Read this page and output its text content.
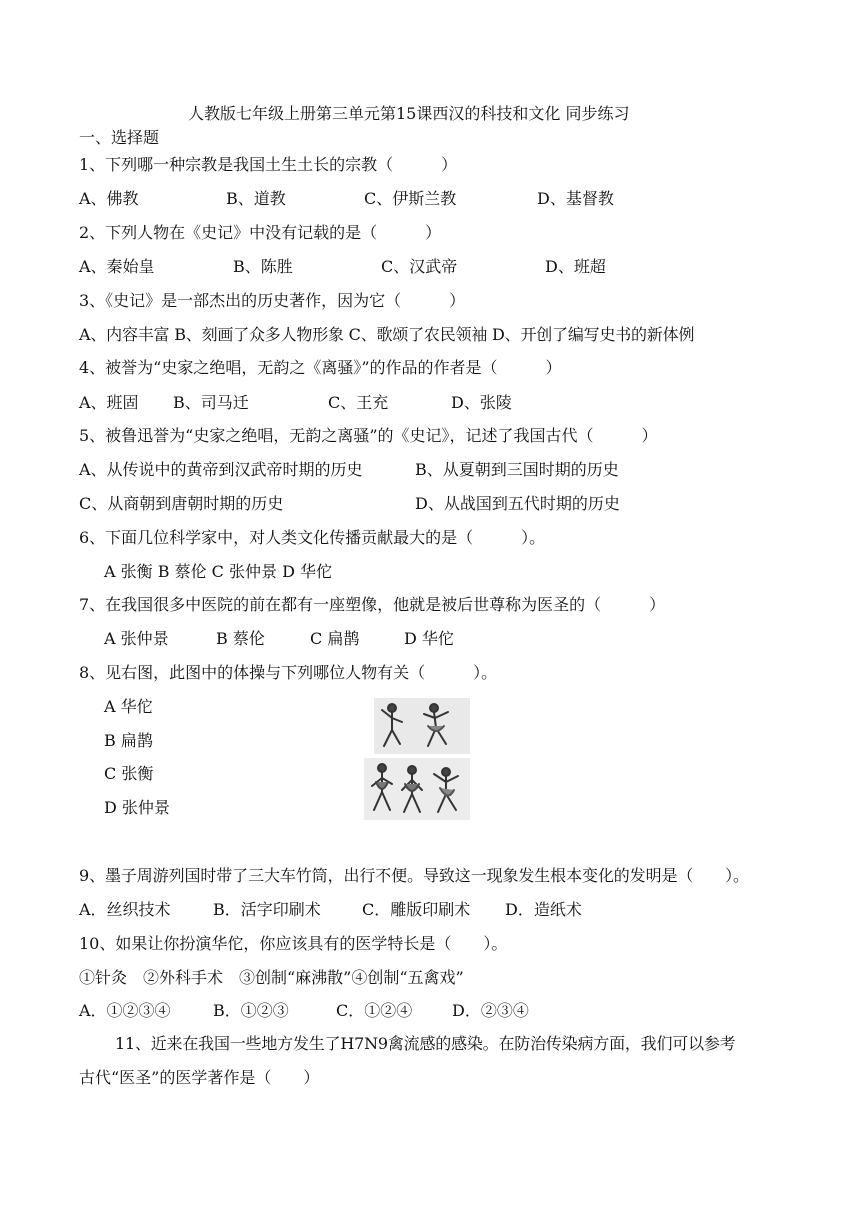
人教版七年级上册第三单元第15课西汉的科技和文化 同步练习
一、选择题
1、下列哪一种宗教是我国土生土长的宗教（　　　）
A、佛教	B、道教	C、伊斯兰教	D、基督教
2、下列人物在《史记》中没有记载的是（　　　）
A、秦始皇	B、陈胜	C、汉武帝	D、班超
3、《史记》是一部杰出的历史著作，因为它（　　　）
A、内容丰富 B、刻画了众多人物形象 C、歌颂了农民领袖 D、开创了编写史书的新体例
4、被誉为“史家之绝唱，无韵之《离骚》”的作品的作者是（　　　）
A、班固 B、司马迁	C、王充	D、张陵
5、被鲁迅誉为“史家之绝唱，无韵之离骚”的《史记》，记述了我国古代（　　　）
A、从传说中的黄帝到汉武帝时期的历史	B、从夏朝到三国时期的历史
C、从商朝到唐朝时期的历史	D、从战国到五代时期的历史
6、下面几位科学家中，对人类文化传播贡献最大的是（　　　）。
A 张衡 B 蔡伦 C 张仲景 D 华佗
7、在我国很多中医院的前在都有一座塑像，他就是被后世尊称为医圣的（　　　）
A 张仲景	B 蔡伦	C 扁鹊	D 华佗
8、见右图，此图中的体操与下列哪位人物有关（　　　）。
A 华佗
B 扁鹊
C 张衡
D 张仲景
9、墨子周游列国时带了三大车竹筒，出行不便。导致这一现象发生根本变化的发明是（　　）。
A．丝织技术	B．活字印刷术	C．雕版印刷术 D．造纸术
10、如果让你扮演华佗，你应该具有的医学特长是（　　）。
①针灸　②外科手术　③创制“麻沸散”④创制“五禽戏”
A．①②③④	B．①②③	C．①②④ D．②③④
11、近来在我国一些地方发生了H7N9禽流感的感染。在防治传染病方面，我们可以参考
古代“医圣”的医学著作是（　　）
